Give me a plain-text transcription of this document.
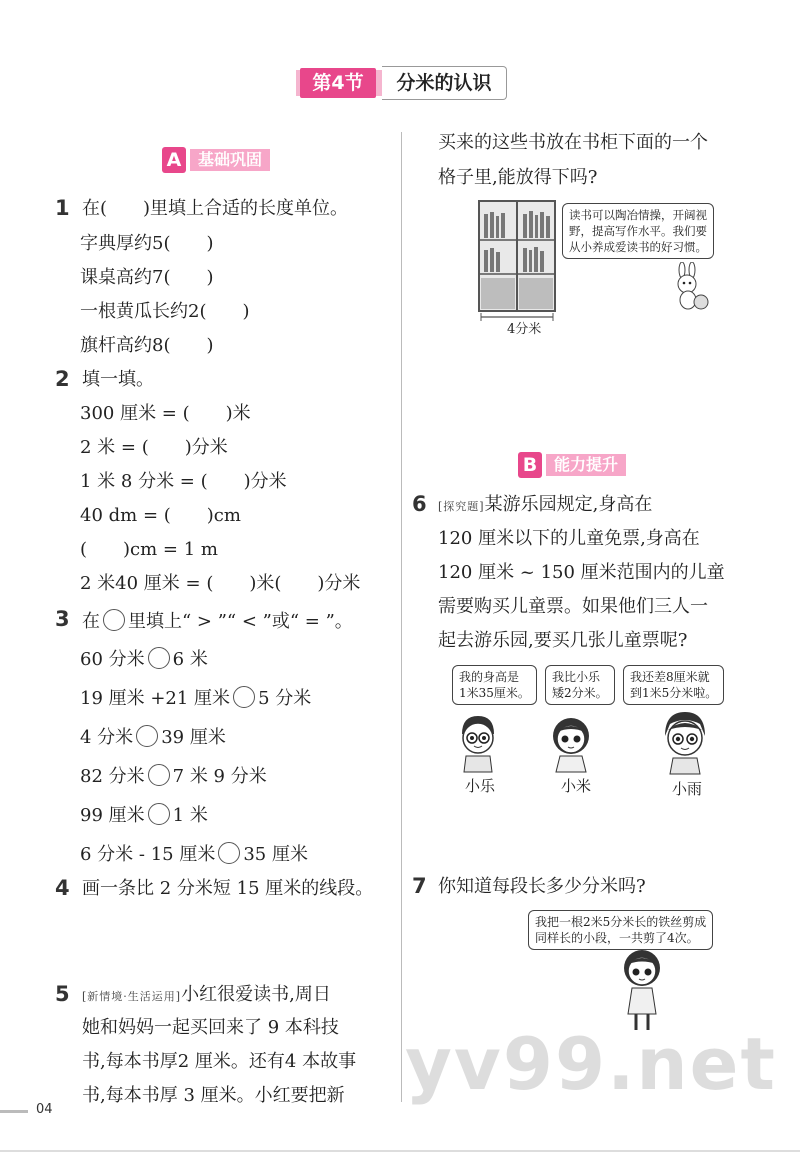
第4节	分米的认识
A	基础巩固
1 在(　　)里填上合适的长度单位。
字典厚约5(　　)
课桌高约7(　　)
一根黄瓜长约2(　　)
旗杆高约8(　　)
2 填一填。
300 厘米 = (　　)米
2 米 = (　　)分米
1 米 8 分米 = (　　)分米
40 dm = (　　)cm
(　　)cm = 1 m
2 米40 厘米 = (　　)米(　　)分米
3 在 里填上“ > ”“ < ”或“ = ”。
60 分米 6 米
19 厘米 +21 厘米 5 分米
4 分米 39 厘米
82 分米 7 米 9 分米
99 厘米 1 米
6 分米 - 15 厘米 35 厘米
4 画一条比 2 分米短 15 厘米的线段。
5 [新情境·生活运用]小红很爱读书,周日
她和妈妈一起买回来了 9 本科技
书,每本书厚2 厘米。还有4 本故事
书,每本书厚 3 厘米。小红要把新
买来的这些书放在书柜下面的一个
格子里,能放得下吗?
4分米
读书可以陶冶情操，开阔视
野，提高写作水平。我们要
从小养成爱读书的好习惯。
B	能力提升
6 [探究题]某游乐园规定,身高在
120 厘米以下的儿童免票,身高在
120 厘米 ~ 150 厘米范围内的儿童
需要购买儿童票。如果他们三人一
起去游乐园,要买几张儿童票呢?
我的身高是
1米35厘米。
我比小乐
矮2分米。
我还差8厘米就
到1米5分米啦。
小乐	小米	小雨
7 你知道每段长多少分米吗?
我把一根2米5分米长的铁丝剪成
同样长的小段，一共剪了4次。
04
yv99.net
